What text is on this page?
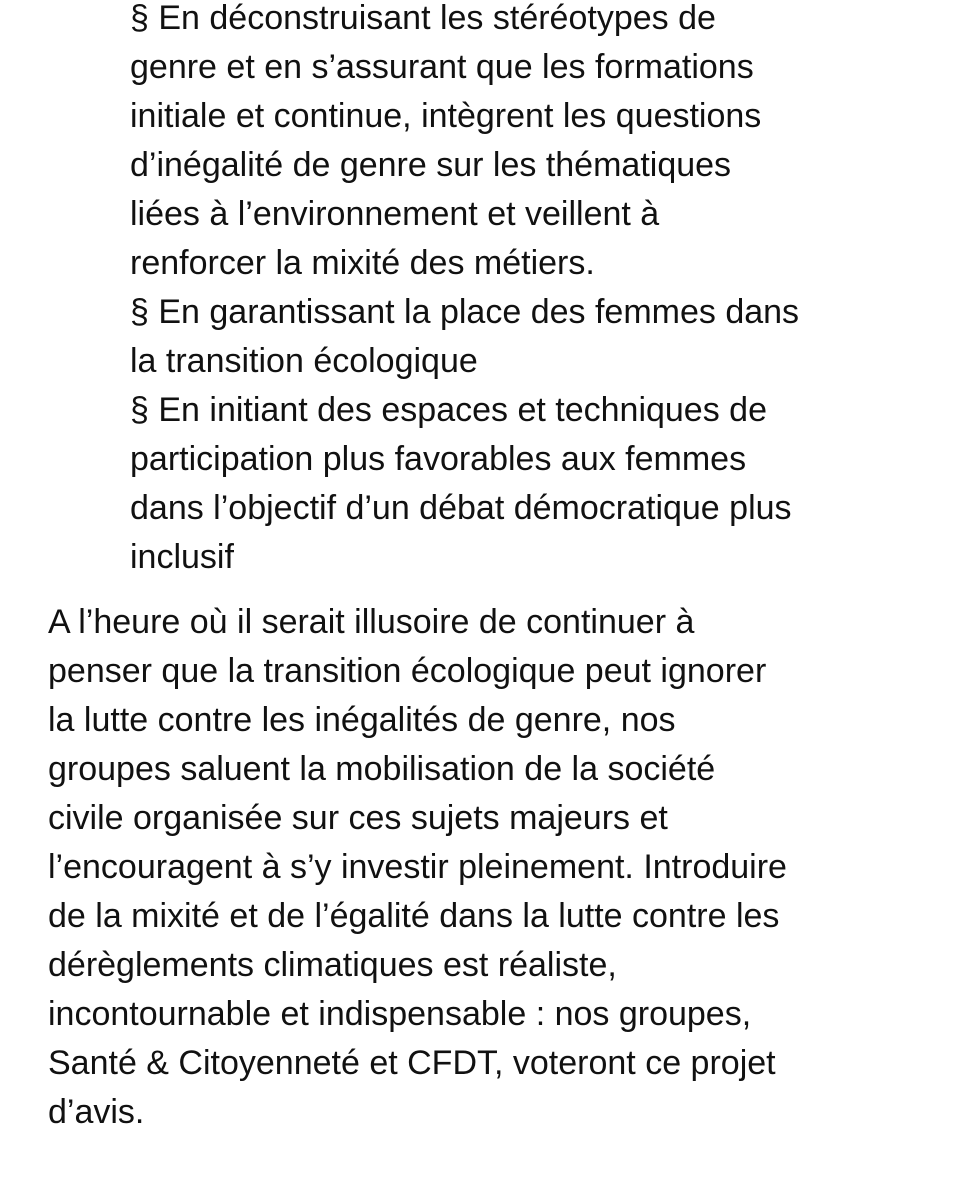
§ En déconstruisant les stéréotypes de

genre et en s’assurant que les formations

initiale et continue, intègrent les questions

d’inégalité de genre sur les thématiques

liées à l’environnement et veillent à

renforcer la mixité des métiers.

§ En garantissant la place des femmes dans

la transition écologique

§ En initiant des espaces et techniques de

participation plus favorables aux femmes

dans l’objectif d’un débat démocratique plus

inclusif

A l’heure où il serait illusoire de continuer à

penser que la transition écologique peut ignorer

la lutte contre les inégalités de genre, nos

groupes saluent la mobilisation de la société

civile organisée sur ces sujets majeurs et

l’encouragent à s’y investir pleinement. Introduire

de la mixité et de l’égalité dans la lutte contre les

dérèglements climatiques est réaliste,

incontournable et indispensable : nos groupes,

Santé & Citoyenneté et CFDT, voteront ce projet

d’avis.
